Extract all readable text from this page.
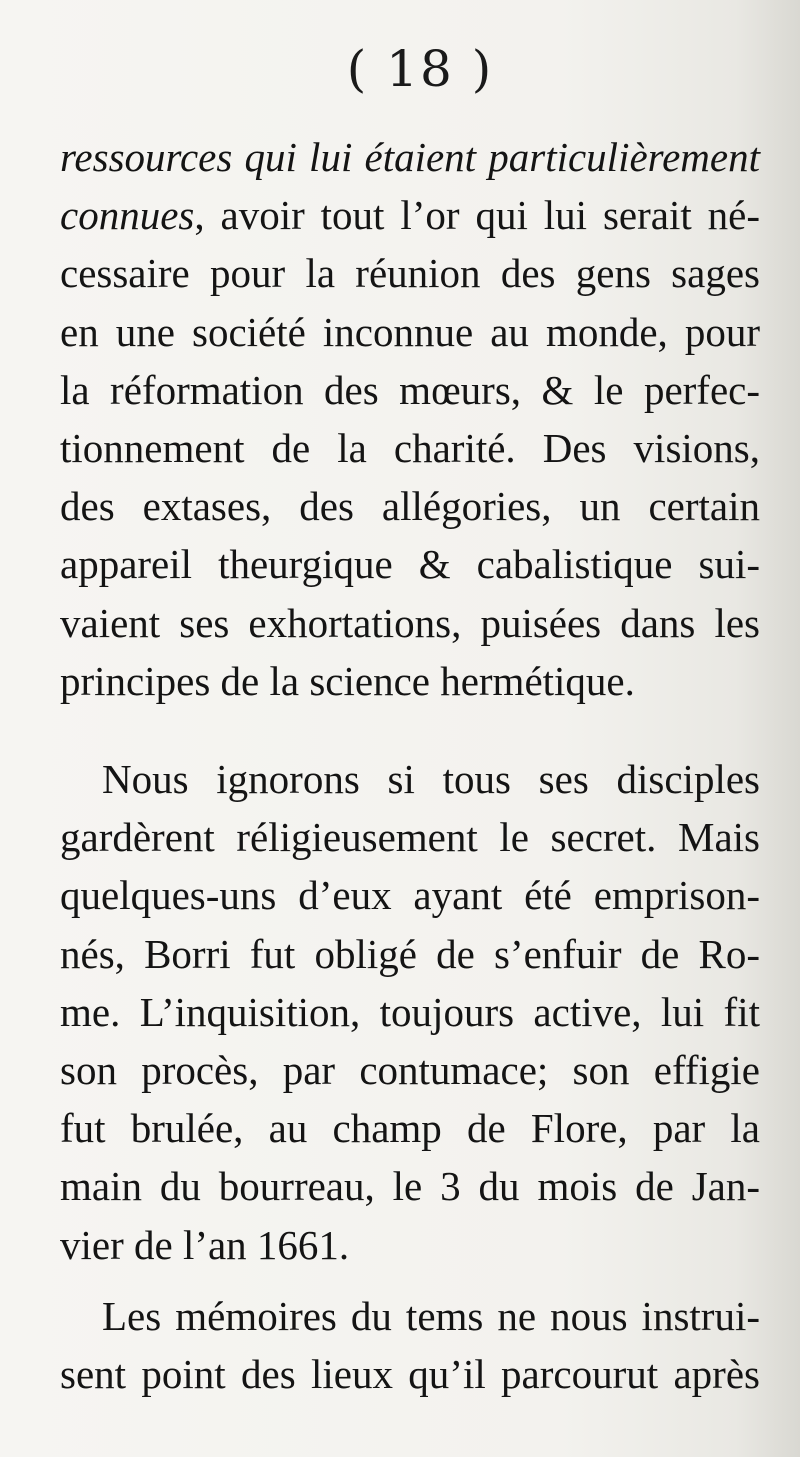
( 18 )
ressources qui lui étaient particulièrement
connues, avoir tout l’or qui lui serait né-
cessaire pour la réunion des gens sages
en une société inconnue au monde, pour
la réformation des mœurs, & le perfec-
tionnement de la charité. Des visions,
des extases, des allégories, un certain
appareil theurgique & cabalistique sui-
vaient ses exhortations, puisées dans les
principes de la science hermétique.
Nous ignorons si tous ses disciples
gardèrent réligieusement le secret. Mais
quelques-uns d’eux ayant été emprison-
nés, Borri fut obligé de s’enfuir de Ro-
me. L’inquisition, toujours active, lui fit
son procès, par contumace; son effigie
fut brulée, au champ de Flore, par la
main du bourreau, le 3 du mois de Jan-
vier de l’an 1661.
Les mémoires du tems ne nous instrui-
sent point des lieux qu’il parcourut après
